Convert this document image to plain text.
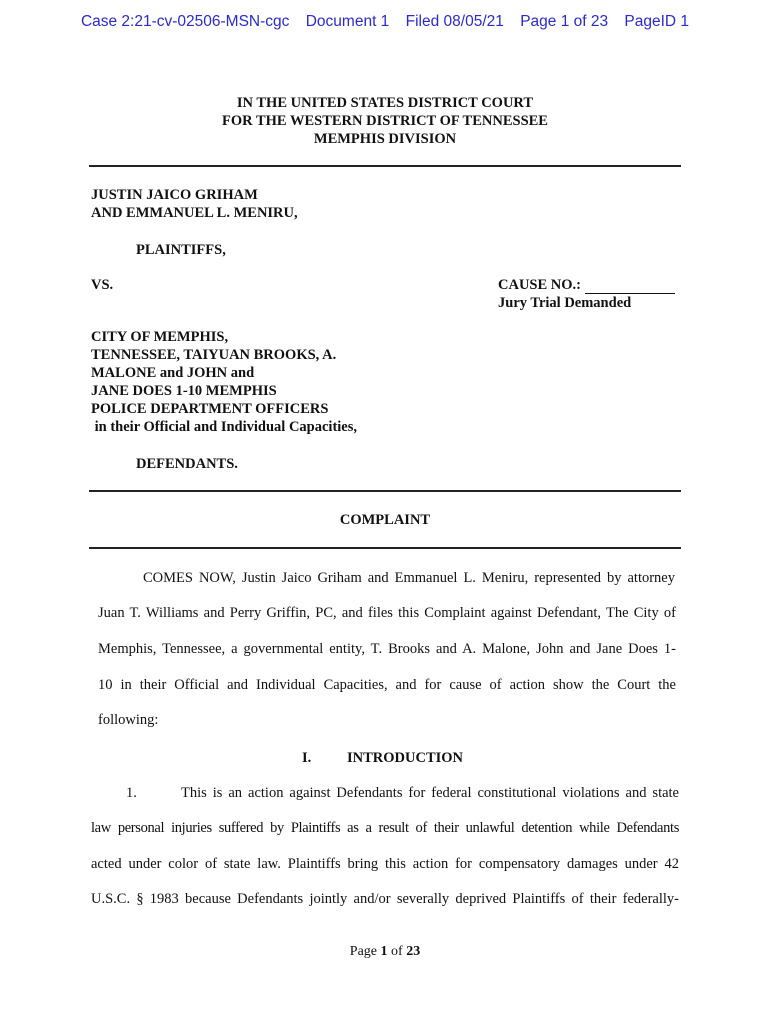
Case 2:21-cv-02506-MSN-cgc Document 1 Filed 08/05/21 Page 1 of 23 PageID 1
IN THE UNITED STATES DISTRICT COURT
FOR THE WESTERN DISTRICT OF TENNESSEE
MEMPHIS DIVISION
JUSTIN JAICO GRIHAM
AND EMMANUEL L. MENIRU,
PLAINTIFFS,
VS.	CAUSE NO.:
Jury Trial Demanded
CITY OF MEMPHIS,
TENNESSEE, TAIYUAN BROOKS, A.
MALONE and JOHN and
JANE DOES 1-10 MEMPHIS
POLICE DEPARTMENT OFFICERS
in their Official and Individual Capacities,
DEFENDANTS.
COMPLAINT
COMES NOW, Justin Jaico Griham and Emmanuel L. Meniru, represented by attorney
Juan T. Williams and Perry Griffin, PC, and files this Complaint against Defendant, The City of
Memphis, Tennessee, a governmental entity, T. Brooks and A. Malone, John and Jane Does 1-
10 in their Official and Individual Capacities, and for cause of action show the Court the
following:
I. INTRODUCTION
1.	This is an action against Defendants for federal constitutional violations and state
law personal injuries suffered by Plaintiffs as a result of their unlawful detention while Defendants
acted under color of state law. Plaintiffs bring this action for compensatory damages under 42
U.S.C. § 1983 because Defendants jointly and/or severally deprived Plaintiffs of their federally-
Page 1 of 23
